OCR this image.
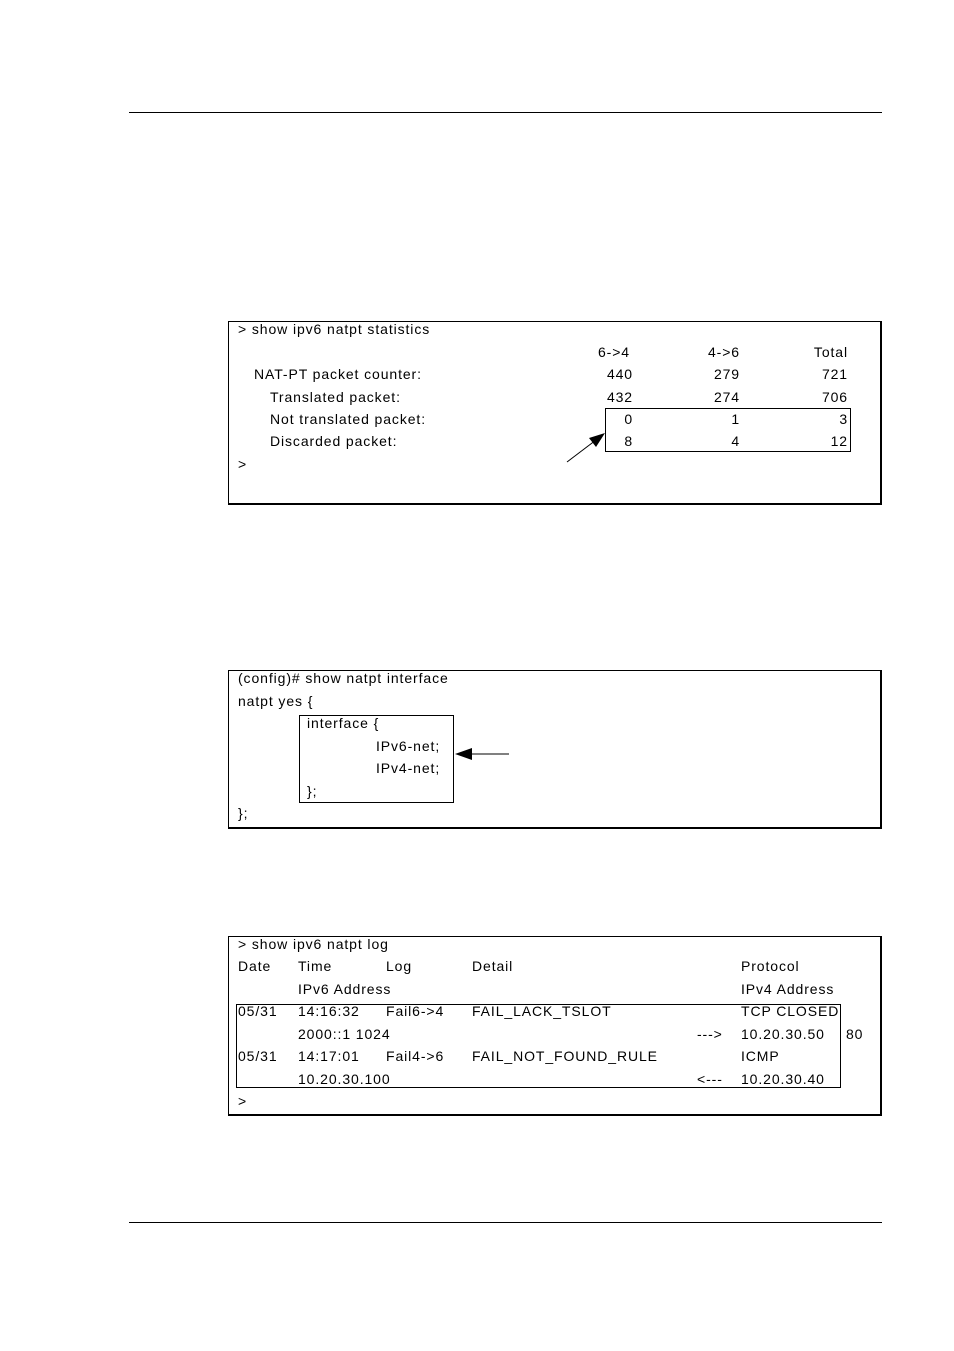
> show ipv6 natpt statistics
6->4	4->6	Total
NAT-PT packet counter:	440	279	721
Translated packet:	432	274	706
Not translated packet:	0	1	3
Discarded packet:	8	4	12
>
(config)# show natpt interface
natpt yes {
interface {
IPv6-net;
IPv4-net;
};
};
> show ipv6 natpt log
Date Time	Log	Detail	Protocol
IPv6 Address	IPv4 Address
05/31 14:16:32 Fail6->4 FAIL_LACK_TSLOT	TCP CLOSED
2000::1 1024	---> 10.20.30.50 80
05/31 14:17:01 Fail4->6 FAIL_NOT_FOUND_RULE	ICMP
10.20.30.100	<--- 10.20.30.40
>
